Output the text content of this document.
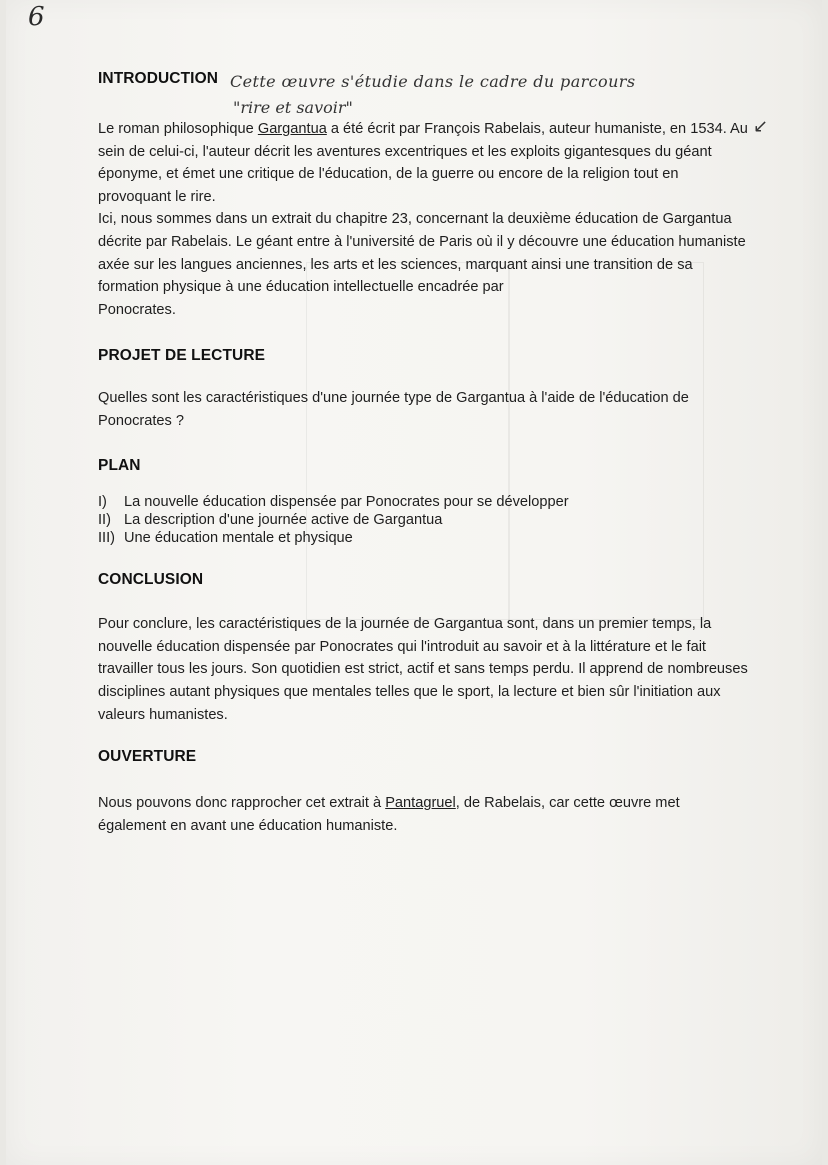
6
INTRODUCTION Cette œuvre s'étudie dans le cadre du parcours
"rire et savoir"
↙

Le roman philosophique Gargantua a été écrit par François Rabelais, auteur humaniste, en 1534. Au sein de celui-ci, l'auteur décrit les aventures excentriques et les exploits gigantesques du géant éponyme, et émet une critique de l'éducation, de la guerre ou encore de la religion tout en provoquant le rire.

Ici, nous sommes dans un extrait du chapitre 23, concernant la deuxième éducation de Gargantua décrite par Rabelais. Le géant entre à l'université de Paris où il y découvre une éducation humaniste axée sur les langues anciennes, les arts et les sciences, marquant ainsi une transition de sa formation physique à une éducation intellectuelle encadrée par

Ponocrates.

PROJET DE LECTURE

Quelles sont les caractéristiques d'une journée type de Gargantua à l'aide de l'éducation de Ponocrates ?

PLAN
I)	La nouvelle éducation dispensée par Ponocrates pour se développer
II) La description d'une journée active de Gargantua
III) Une éducation mentale et physique
CONCLUSION

Pour conclure, les caractéristiques de la journée de Gargantua sont, dans un premier temps, la nouvelle éducation dispensée par Ponocrates qui l'introduit au savoir et à la littérature et le fait travailler tous les jours. Son quotidien est strict, actif et sans temps perdu. Il apprend de nombreuses disciplines autant physiques que mentales telles que le sport, la lecture et bien sûr l'initiation aux valeurs humanistes.

OUVERTURE

Nous pouvons donc rapprocher cet extrait à Pantagruel, de Rabelais, car cette œuvre met également en avant une éducation humaniste.
